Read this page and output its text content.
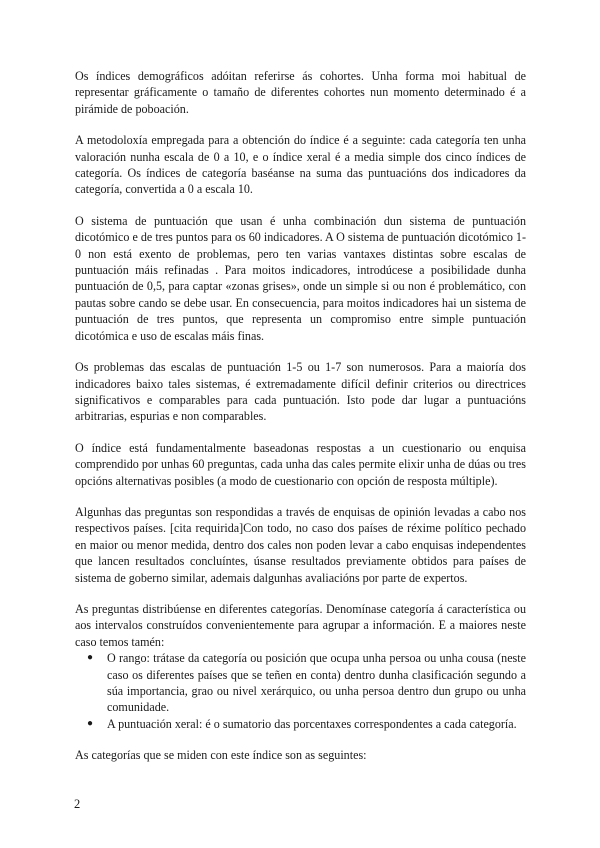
Os índices demográficos adóitan referirse ás cohortes. Unha forma moi habitual de representar gráficamente o tamaño de diferentes cohortes nun momento determinado é a pirámide de poboación.

A metodoloxía empregada para a obtención do índice é a seguinte: cada categoría ten unha valoración nunha escala de 0 a 10, e o índice xeral é a media simple dos cinco índices de categoría. Os índices de categoría baséanse na suma das puntuacións dos indicadores da categoría, convertida a 0 a escala 10.

O sistema de puntuación que usan é unha combinación dun sistema de puntuación dicotómico e de tres puntos para os 60 indicadores. A O sistema de puntuación dicotómico 1-0 non está exento de problemas, pero ten varias vantaxes distintas sobre escalas de puntuación máis refinadas . Para moitos indicadores, introdúcese a posibilidade dunha puntuación de 0,5, para captar «zonas grises», onde un simple si ou non é problemático, con pautas sobre cando se debe usar. En consecuencia, para moitos indicadores hai un sistema de puntuación de tres puntos, que representa un compromiso entre simple puntuación dicotómica e uso de escalas máis finas.

Os problemas das escalas de puntuación 1-5 ou 1-7 son numerosos. Para a maioría dos indicadores baixo tales sistemas, é extremadamente difícil definir criterios ou directrices significativos e comparables para cada puntuación. Isto pode dar lugar a puntuacións arbitrarias, espurias e non comparables.

O índice está fundamentalmente baseadonas respostas a un cuestionario ou enquisa comprendido por unhas 60 preguntas, cada unha das cales permite elixir unha de dúas ou tres opcións alternativas posibles (a modo de cuestionario con opción de resposta múltiple).

Algunhas das preguntas son respondidas a través de enquisas de opinión levadas a cabo nos respectivos países. [cita requirida]Con todo, no caso dos países de réxime político pechado en maior ou menor medida, dentro dos cales non poden levar a cabo enquisas independentes que lancen resultados concluíntes, úsanse resultados previamente obtidos para países de sistema de goberno similar, ademais dalgunhas avaliacións por parte de expertos.

As preguntas distribúense en diferentes categorías. Denomínase categoría á característica ou aos intervalos construídos convenientemente para agrupar a información. E a maiores neste caso temos tamén:

● O rango: trátase da categoría ou posición que ocupa unha persoa ou unha cousa (neste caso os diferentes países que se teñen en conta) dentro dunha clasificación segundo a súa importancia, grao ou nivel xerárquico, ou unha persoa dentro dun grupo ou unha comunidade.
● A puntuación xeral: é o sumatorio das porcentaxes correspondentes a cada categoría.

As categorías que se miden con este índice son as seguintes:

2
